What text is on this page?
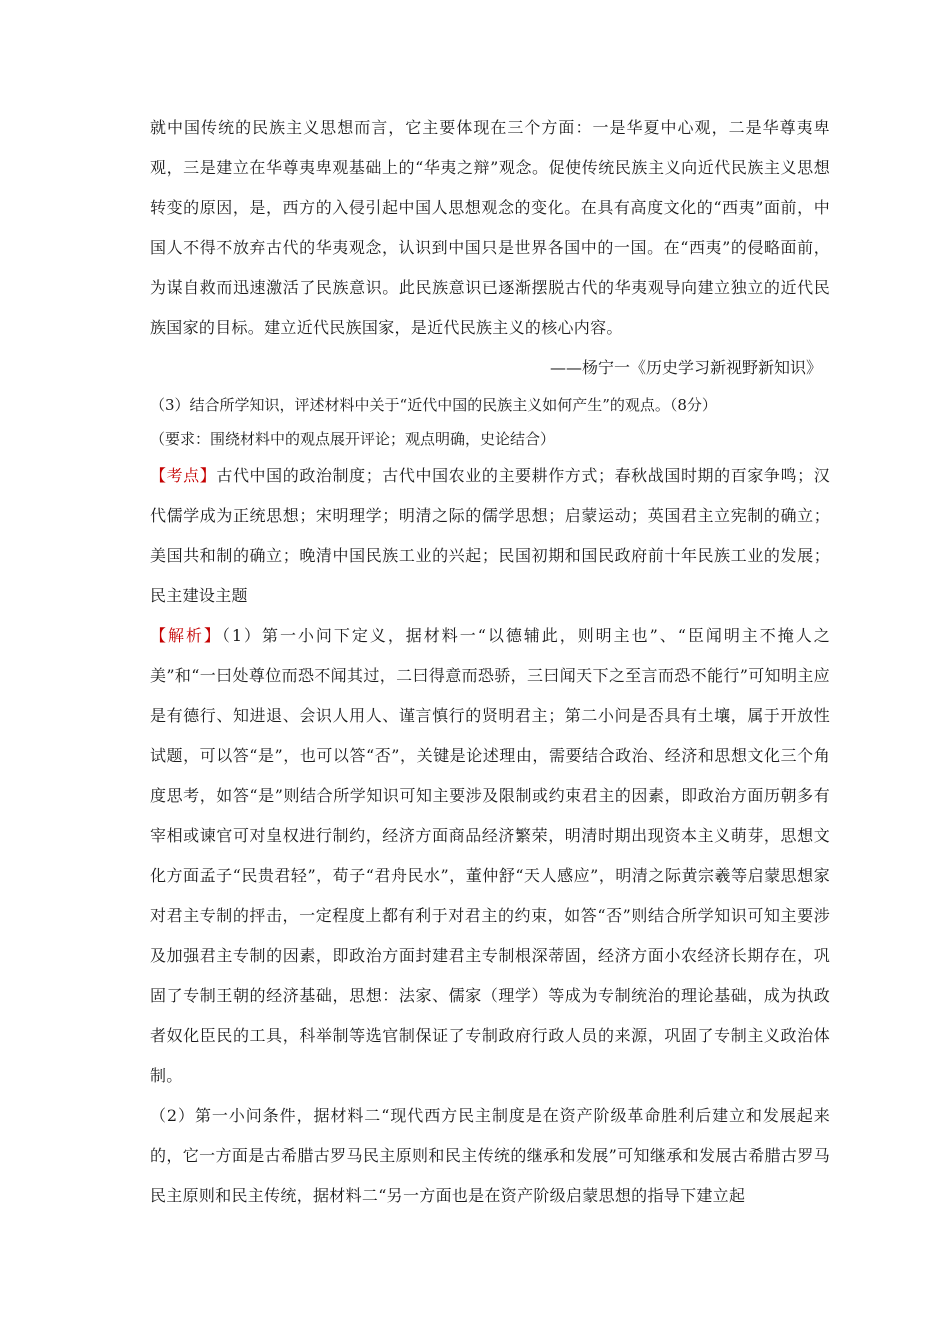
就中国传统的民族主义思想而言，它主要体现在三个方面：一是华夏中心观，二是华尊夷卑观，三是建立在华尊夷卑观基础上的“华夷之辩”观念。促使传统民族主义向近代民族主义思想转变的原因，是，西方的入侵引起中国人思想观念的变化。在具有高度文化的“西夷”面前，中国人不得不放弃古代的华夷观念，认识到中国只是世界各国中的一国。在“西夷”的侵略面前，为谋自救而迅速激活了民族意识。此民族意识已逐渐摆脱古代的华夷观导向建立独立的近代民族国家的目标。建立近代民族国家，是近代民族主义的核心内容。

——杨宁一《历史学习新视野新知识》

（3）结合所学知识，评述材料中关于“近代中国的民族主义如何产生”的观点。（8分）

（要求：围绕材料中的观点展开评论；观点明确，史论结合）

【考点】古代中国的政治制度；古代中国农业的主要耕作方式；春秋战国时期的百家争鸣；汉代儒学成为正统思想；宋明理学；明清之际的儒学思想；启蒙运动；英国君主立宪制的确立；美国共和制的确立；晚清中国民族工业的兴起；民国初期和国民政府前十年民族工业的发展；民主建设主题

【解析】（1）第一小问下定义，据材料一“以德辅此，则明主也”、“臣闻明主不掩人之美”和“一曰处尊位而恐不闻其过，二曰得意而恐骄，三曰闻天下之至言而恐不能行”可知明主应是有德行、知进退、会识人用人、谨言慎行的贤明君主；第二小问是否具有土壤，属于开放性试题，可以答“是”，也可以答“否”，关键是论述理由，需要结合政治、经济和思想文化三个角度思考，如答“是”则结合所学知识可知主要涉及限制或约束君主的因素，即政治方面历朝多有宰相或谏官可对皇权进行制约，经济方面商品经济繁荣，明清时期出现资本主义萌芽，思想文化方面孟子“民贵君轻”，荀子“君舟民水”，董仲舒“天人感应”，明清之际黄宗羲等启蒙思想家对君主专制的抨击，一定程度上都有利于对君主的约束，如答“否”则结合所学知识可知主要涉及加强君主专制的因素，即政治方面封建君主专制根深蒂固，经济方面小农经济长期存在，巩固了专制王朝的经济基础，思想：法家、儒家（理学）等成为专制统治的理论基础，成为执政者奴化臣民的工具，科举制等选官制保证了专制政府行政人员的来源，巩固了专制主义政治体制。

（2）第一小问条件，据材料二“现代西方民主制度是在资产阶级革命胜利后建立和发展起来的，它一方面是古希腊古罗马民主原则和民主传统的继承和发展”可知继承和发展古希腊古罗马民主原则和民主传统，据材料二“另一方面也是在资产阶级启蒙思想的指导下建立起
